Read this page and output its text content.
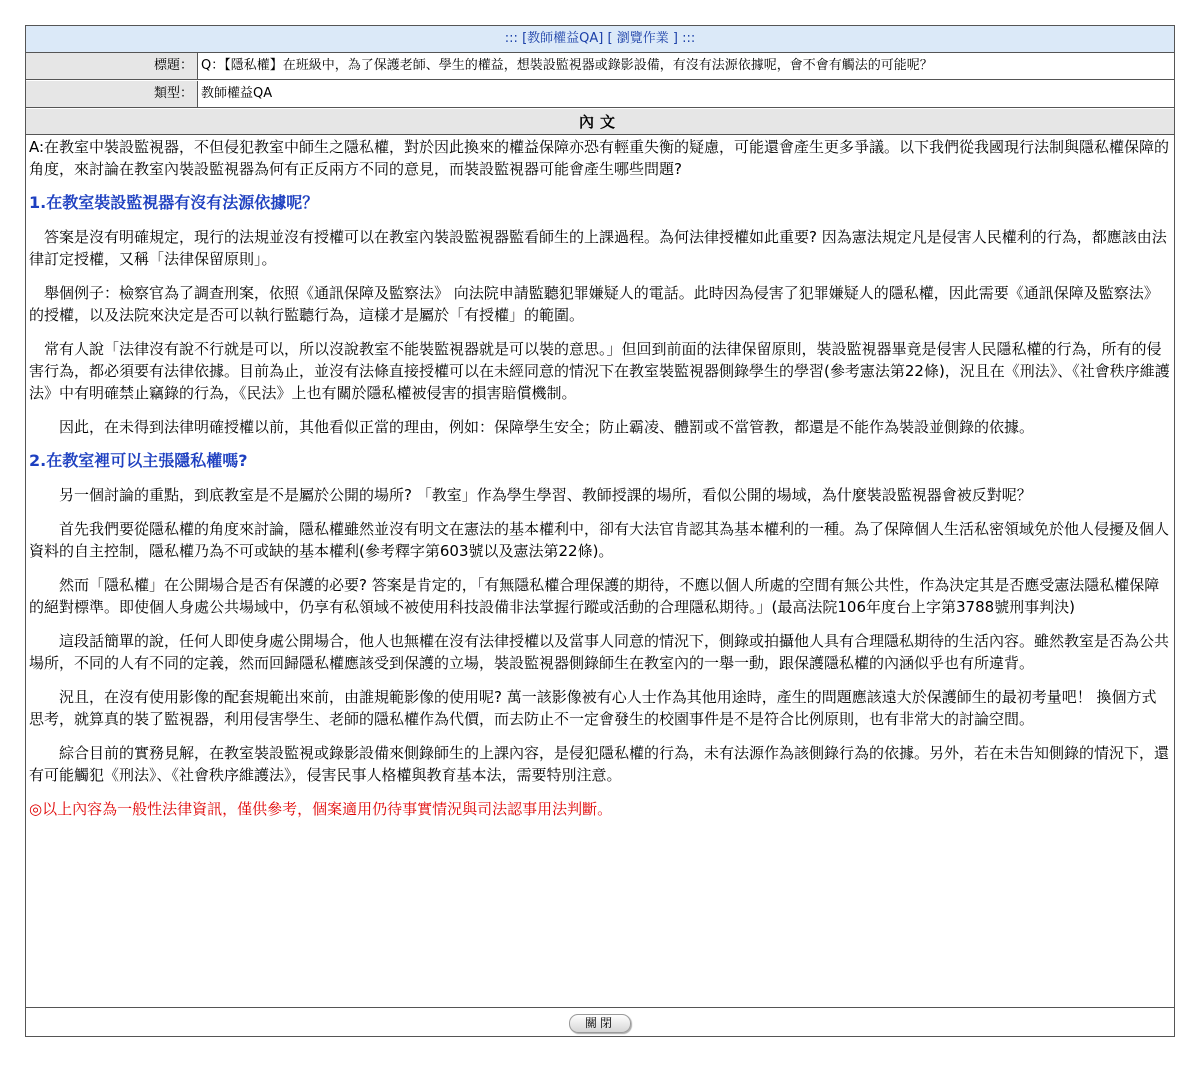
::: [教師權益QA] [ 瀏覽作業 ] :::
標題： Q：【隱私權】在班級中，為了保護老師、學生的權益，想裝設監視器或錄影設備，有沒有法源依據呢，會不會有觸法的可能呢？
類型： 教師權益QA
內文

A:在教室中裝設監視器，不但侵犯教室中師生之隱私權，對於因此換來的權益保障亦恐有輕重失衡的疑慮，可能還會產生更多爭議。以下我們從我國現行法制與隱私權保障的角度，來討論在教室內裝設監視器為何有正反兩方不同的意見，而裝設監視器可能會產生哪些問題?

1.在教室裝設監視器有沒有法源依據呢？

　答案是沒有明確規定，現行的法規並沒有授權可以在教室內裝設監視器監看師生的上課過程。為何法律授權如此重要? 因為憲法規定凡是侵害人民權利的行為，都應該由法律訂定授權，又稱「法律保留原則」。

　舉個例子：檢察官為了調查刑案，依照《通訊保障及監察法》 向法院申請監聽犯罪嫌疑人的電話。此時因為侵害了犯罪嫌疑人的隱私權，因此需要《通訊保障及監察法》的授權，以及法院來決定是否可以執行監聽行為，這樣才是屬於「有授權」的範圍。

　常有人說「法律沒有說不行就是可以，所以沒說教室不能裝監視器就是可以裝的意思。」但回到前面的法律保留原則，裝設監視器畢竟是侵害人民隱私權的行為，所有的侵害行為，都必須要有法律依據。目前為止，並沒有法條直接授權可以在未經同意的情況下在教室裝監視器側錄學生的學習(參考憲法第22條)，況且在《刑法》、《社會秩序維護法》中有明確禁止竊錄的行為，《民法》上也有關於隱私權被侵害的損害賠償機制。

　　因此，在未得到法律明確授權以前，其他看似正當的理由，例如：保障學生安全；防止霸凌、體罰或不當管教，都還是不能作為裝設並側錄的依據。

2.在教室裡可以主張隱私權嗎?

　　另一個討論的重點，到底教室是不是屬於公開的場所? 「教室」作為學生學習、教師授課的場所，看似公開的場域，為什麼裝設監視器會被反對呢？

　　首先我們要從隱私權的角度來討論，隱私權雖然並沒有明文在憲法的基本權利中，卻有大法官肯認其為基本權利的一種。為了保障個人生活私密領域免於他人侵擾及個人資料的自主控制，隱私權乃為不可或缺的基本權利(參考釋字第603號以及憲法第22條)。

　　然而「隱私權」在公開場合是否有保護的必要? 答案是肯定的，「有無隱私權合理保護的期待，不應以個人所處的空間有無公共性，作為決定其是否應受憲法隱私權保障的絕對標準。即使個人身處公共場域中，仍享有私領域不被使用科技設備非法掌握行蹤或活動的合理隱私期待。」(最高法院106年度台上字第3788號刑事判決)

　　這段話簡單的說，任何人即使身處公開場合，他人也無權在沒有法律授權以及當事人同意的情況下，側錄或拍攝他人具有合理隱私期待的生活內容。雖然教室是否為公共場所，不同的人有不同的定義，然而回歸隱私權應該受到保護的立場，裝設監視器側錄師生在教室內的一舉一動，跟保護隱私權的內涵似乎也有所違背。

　　況且，在沒有使用影像的配套規範出來前，由誰規範影像的使用呢? 萬一該影像被有心人士作為其他用途時，產生的問題應該遠大於保護師生的最初考量吧！ 換個方式思考，就算真的裝了監視器，利用侵害學生、老師的隱私權作為代價，而去防止不一定會發生的校園事件是不是符合比例原則，也有非常大的討論空間。

　　綜合目前的實務見解，在教室裝設監視或錄影設備來側錄師生的上課內容，是侵犯隱私權的行為，未有法源作為該側錄行為的依據。另外，若在未告知側錄的情況下，還有可能觸犯《刑法》、《社會秩序維護法》，侵害民事人格權與教育基本法，需要特別注意。

◎以上內容為一般性法律資訊，僅供參考，個案適用仍待事實情況與司法認事用法判斷。

關閉
